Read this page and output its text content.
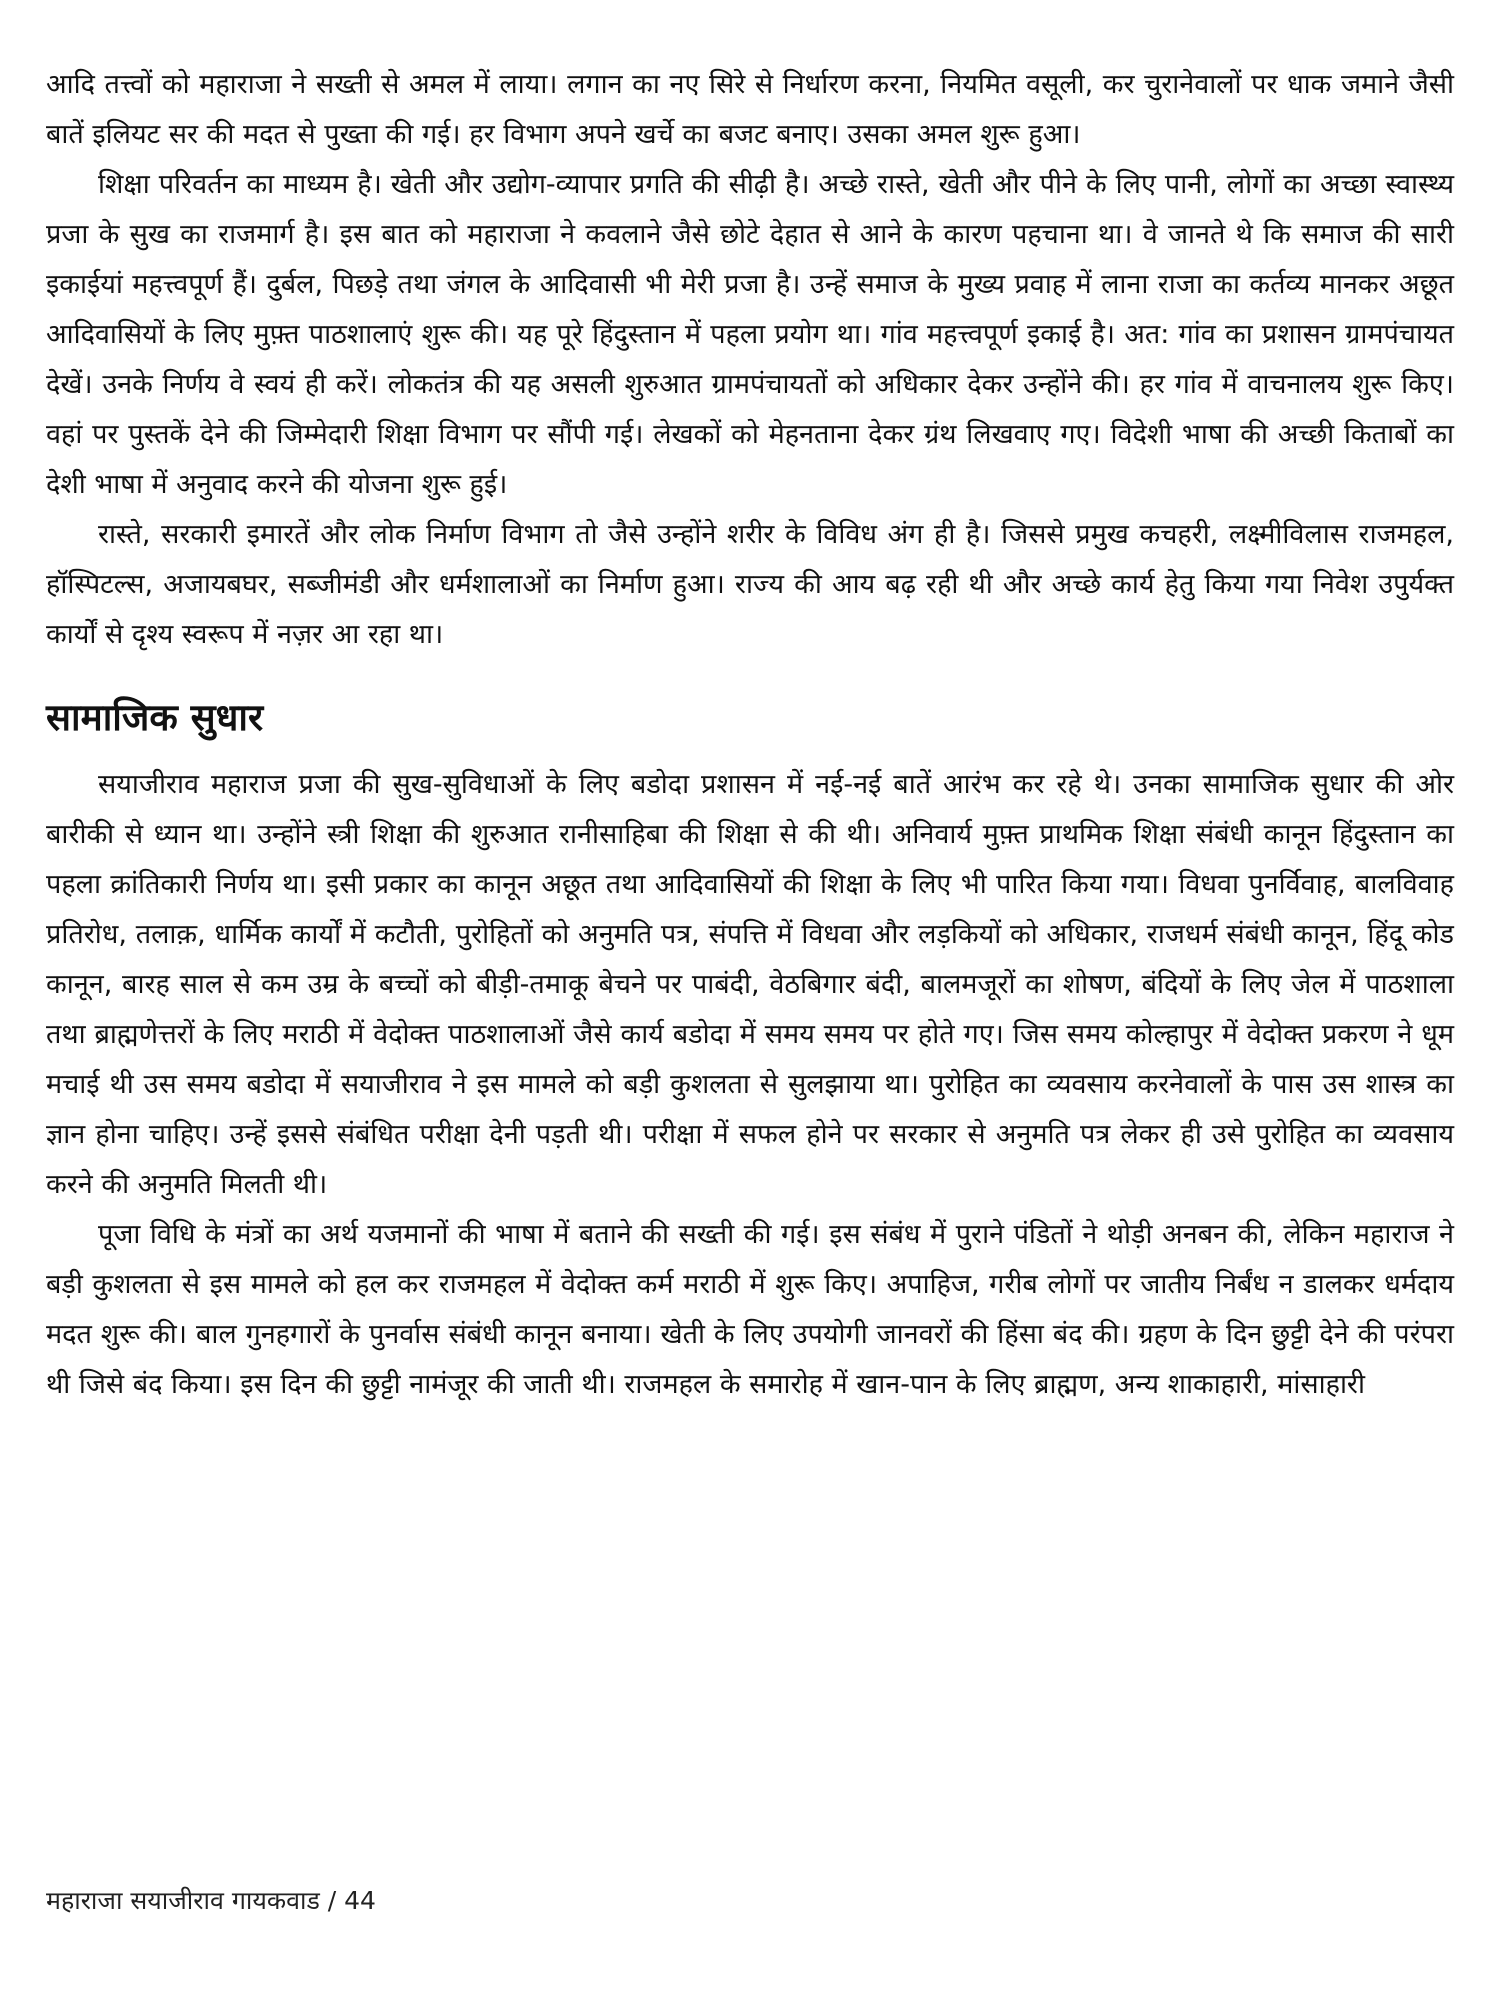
आदि तत्त्वों को महाराजा ने सख्ती से अमल में लाया। लगान का नए सिरे से निर्धारण करना, नियमित वसूली, कर चुरानेवालों पर धाक जमाने जैसी बातें इलियट सर की मदत से पुख्ता की गई। हर विभाग अपने खर्चे का बजट बनाए। उसका अमल शुरू हुआ।

शिक्षा परिवर्तन का माध्यम है। खेती और उद्योग-व्यापार प्रगति की सीढ़ी है। अच्छे रास्ते, खेती और पीने के लिए पानी, लोगों का अच्छा स्वास्थ्य प्रजा के सुख का राजमार्ग है। इस बात को महाराजा ने कवलाने जैसे छोटे देहात से आने के कारण पहचाना था। वे जानते थे कि समाज की सारी इकाईयां महत्त्वपूर्ण हैं। दुर्बल, पिछड़े तथा जंगल के आदिवासी भी मेरी प्रजा है। उन्हें समाज के मुख्य प्रवाह में लाना राजा का कर्तव्य मानकर अछूत आदिवासियों के लिए मुफ़्त पाठशालाएं शुरू की। यह पूरे हिंदुस्तान में पहला प्रयोग था। गांव महत्त्वपूर्ण इकाई है। अत: गांव का प्रशासन ग्रामपंचायत देखें। उनके निर्णय वे स्वयं ही करें। लोकतंत्र की यह असली शुरुआत ग्रामपंचायतों को अधिकार देकर उन्होंने की। हर गांव में वाचनालय शुरू किए। वहां पर पुस्तकें देने की जिम्मेदारी शिक्षा विभाग पर सौंपी गई। लेखकों को मेहनताना देकर ग्रंथ लिखवाए गए। विदेशी भाषा की अच्छी किताबों का देशी भाषा में अनुवाद करने की योजना शुरू हुई।

रास्ते, सरकारी इमारतें और लोक निर्माण विभाग तो जैसे उन्होंने शरीर के विविध अंग ही है। जिससे प्रमुख कचहरी, लक्ष्मीविलास राजमहल, हॉस्पिटल्स, अजायबघर, सब्जीमंडी और धर्मशालाओं का निर्माण हुआ। राज्य की आय बढ़ रही थी और अच्छे कार्य हेतु किया गया निवेश उपुर्यक्त कार्यों से दृश्य स्वरूप में नज़र आ रहा था।

सामाजिक सुधार

सयाजीराव महाराज प्रजा की सुख-सुविधाओं के लिए बडोदा प्रशासन में नई-नई बातें आरंभ कर रहे थे। उनका सामाजिक सुधार की ओर बारीकी से ध्यान था। उन्होंने स्त्री शिक्षा की शुरुआत रानीसाहिबा की शिक्षा से की थी। अनिवार्य मुफ़्त प्राथमिक शिक्षा संबंधी कानून हिंदुस्तान का पहला क्रांतिकारी निर्णय था। इसी प्रकार का कानून अछूत तथा आदिवासियों की शिक्षा के लिए भी पारित किया गया। विधवा पुनर्विवाह, बालविवाह प्रतिरोध, तलाक़, धार्मिक कार्यों में कटौती, पुरोहितों को अनुमति पत्र, संपत्ति में विधवा और लड़कियों को अधिकार, राजधर्म संबंधी कानून, हिंदू कोड कानून, बारह साल से कम उम्र के बच्चों को बीड़ी-तमाकू बेचने पर पाबंदी, वेठबिगार बंदी, बालमजूरों का शोषण, बंदियों के लिए जेल में पाठशाला तथा ब्राह्मणेत्तरों के लिए मराठी में वेदोक्त पाठशालाओं जैसे कार्य बडोदा में समय समय पर होते गए। जिस समय कोल्हापुर में वेदोक्त प्रकरण ने धूम मचाई थी उस समय बडोदा में सयाजीराव ने इस मामले को बड़ी कुशलता से सुलझाया था। पुरोहित का व्यवसाय करनेवालों के पास उस शास्त्र का ज्ञान होना चाहिए। उन्हें इससे संबंधित परीक्षा देनी पड़ती थी। परीक्षा में सफल होने पर सरकार से अनुमति पत्र लेकर ही उसे पुरोहित का व्यवसाय करने की अनुमति मिलती थी।

पूजा विधि के मंत्रों का अर्थ यजमानों की भाषा में बताने की सख्ती की गई। इस संबंध में पुराने पंडितों ने थोड़ी अनबन की, लेकिन महाराज ने बड़ी कुशलता से इस मामले को हल कर राजमहल में वेदोक्त कर्म मराठी में शुरू किए। अपाहिज, गरीब लोगों पर जातीय निर्बंध न डालकर धर्मदाय मदत शुरू की। बाल गुनहगारों के पुनर्वास संबंधी कानून बनाया। खेती के लिए उपयोगी जानवरों की हिंसा बंद की। ग्रहण के दिन छुट्टी देने की परंपरा थी जिसे बंद किया। इस दिन की छुट्टी नामंजूर की जाती थी। राजमहल के समारोह में खान-पान के लिए ब्राह्मण, अन्य शाकाहारी, मांसाहारी

महाराजा सयाजीराव गायकवाड / 44
